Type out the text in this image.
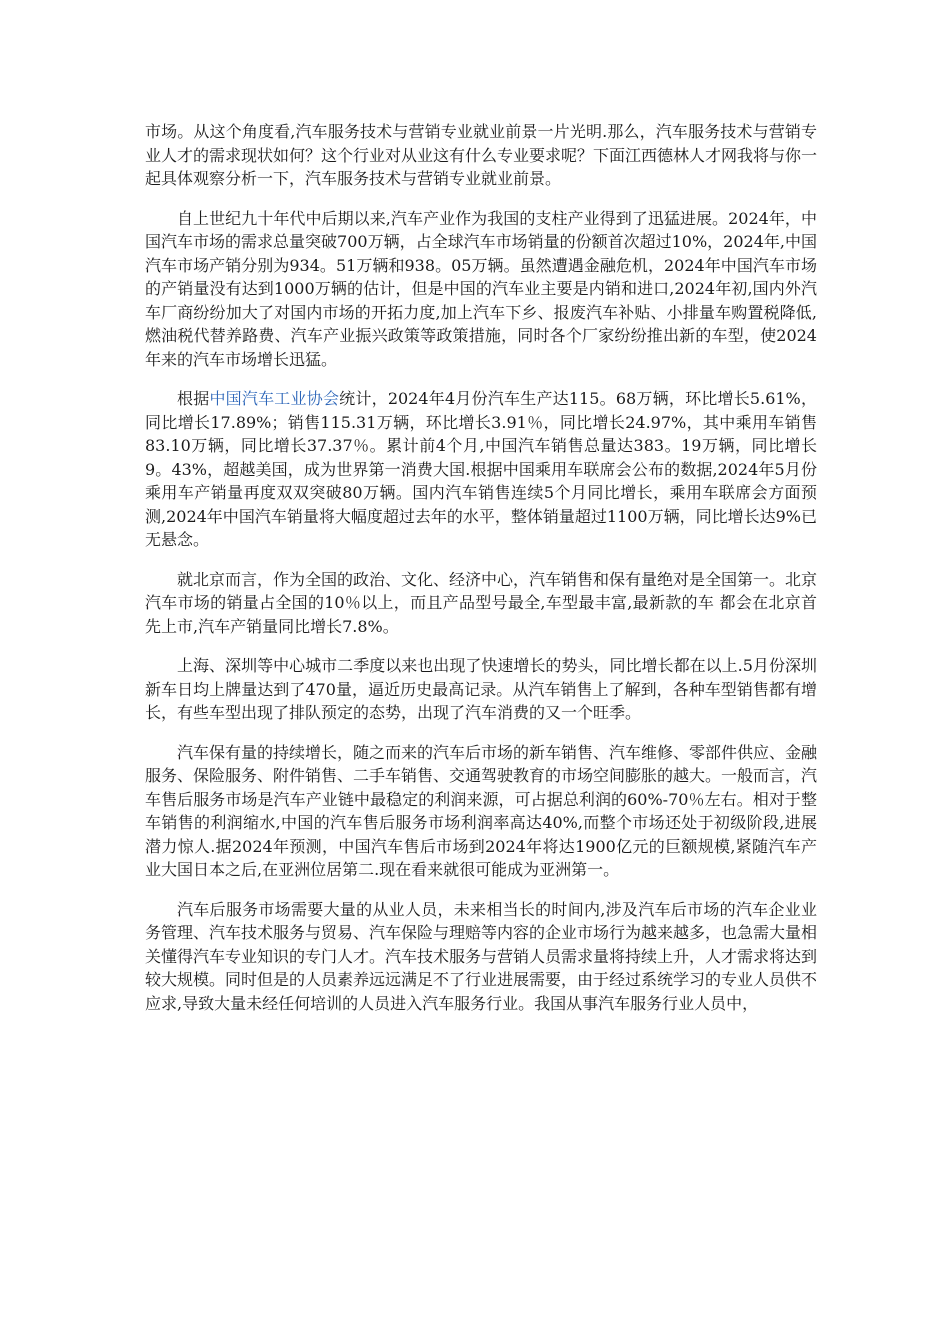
市场。从这个角度看,汽车服务技术与营销专业就业前景一片光明.那么，汽车服务技术与营销专业人才的需求现状如何？这个行业对从业这有什么专业要求呢？下面江西德林人才网我将与你一起具体观察分析一下，汽车服务技术与营销专业就业前景。

自上世纪九十年代中后期以来,汽车产业作为我国的支柱产业得到了迅猛进展。2024年，中国汽车市场的需求总量突破700万辆，占全球汽车市场销量的份额首次超过10%，2024年,中国汽车市场产销分别为934。51万辆和938。05万辆。虽然遭遇金融危机，2024年中国汽车市场的产销量没有达到1000万辆的估计，但是中国的汽车业主要是内销和进口,2024年初,国内外汽车厂商纷纷加大了对国内市场的开拓力度,加上汽车下乡、报废汽车补贴、小排量车购置税降低,燃油税代替养路费、汽车产业振兴政策等政策措施，同时各个厂家纷纷推出新的车型，使2024年来的汽车市场增长迅猛。

根据中国汽车工业协会统计，2024年4月份汽车生产达115。68万辆，环比增长5.61%，同比增长17.89%；销售115.31万辆，环比增长3.91％，同比增长24.97%，其中乘用车销售83.10万辆，同比增长37.37％。累计前4个月,中国汽车销售总量达383。19万辆，同比增长9。43%，超越美国，成为世界第一消费大国.根据中国乘用车联席会公布的数据,2024年5月份乘用车产销量再度双双突破80万辆。国内汽车销售连续5个月同比增长，乘用车联席会方面预测,2024年中国汽车销量将大幅度超过去年的水平，整体销量超过1100万辆，同比增长达9%已无悬念。

就北京而言，作为全国的政治、文化、经济中心，汽车销售和保有量绝对是全国第一。北京汽车市场的销量占全国的10％以上，而且产品型号最全,车型最丰富,最新款的车 都会在北京首先上市,汽车产销量同比增长7.8%。

上海、深圳等中心城市二季度以来也出现了快速增长的势头，同比增长都在以上.5月份深圳新车日均上牌量达到了470量，逼近历史最高记录。从汽车销售上了解到，各种车型销售都有增长，有些车型出现了排队预定的态势，出现了汽车消费的又一个旺季。

汽车保有量的持续增长，随之而来的汽车后市场的新车销售、汽车维修、零部件供应、金融服务、保险服务、附件销售、二手车销售、交通驾驶教育的市场空间膨胀的越大。一般而言，汽车售后服务市场是汽车产业链中最稳定的利润来源，可占据总利润的60%-70％左右。相对于整车销售的利润缩水,中国的汽车售后服务市场利润率高达40%,而整个市场还处于初级阶段,进展潜力惊人.据2024年预测，中国汽车售后市场到2024年将达1900亿元的巨额规模,紧随汽车产业大国日本之后,在亚洲位居第二.现在看来就很可能成为亚洲第一。

汽车后服务市场需要大量的从业人员，未来相当长的时间内,涉及汽车后市场的汽车企业业务管理、汽车技术服务与贸易、汽车保险与理赔等内容的企业市场行为越来越多，也急需大量相关懂得汽车专业知识的专门人才。汽车技术服务与营销人员需求量将持续上升，人才需求将达到较大规模。同时但是的人员素养远远满足不了行业进展需要，由于经过系统学习的专业人员供不应求,导致大量未经任何培训的人员进入汽车服务行业。我国从事汽车服务行业人员中，
